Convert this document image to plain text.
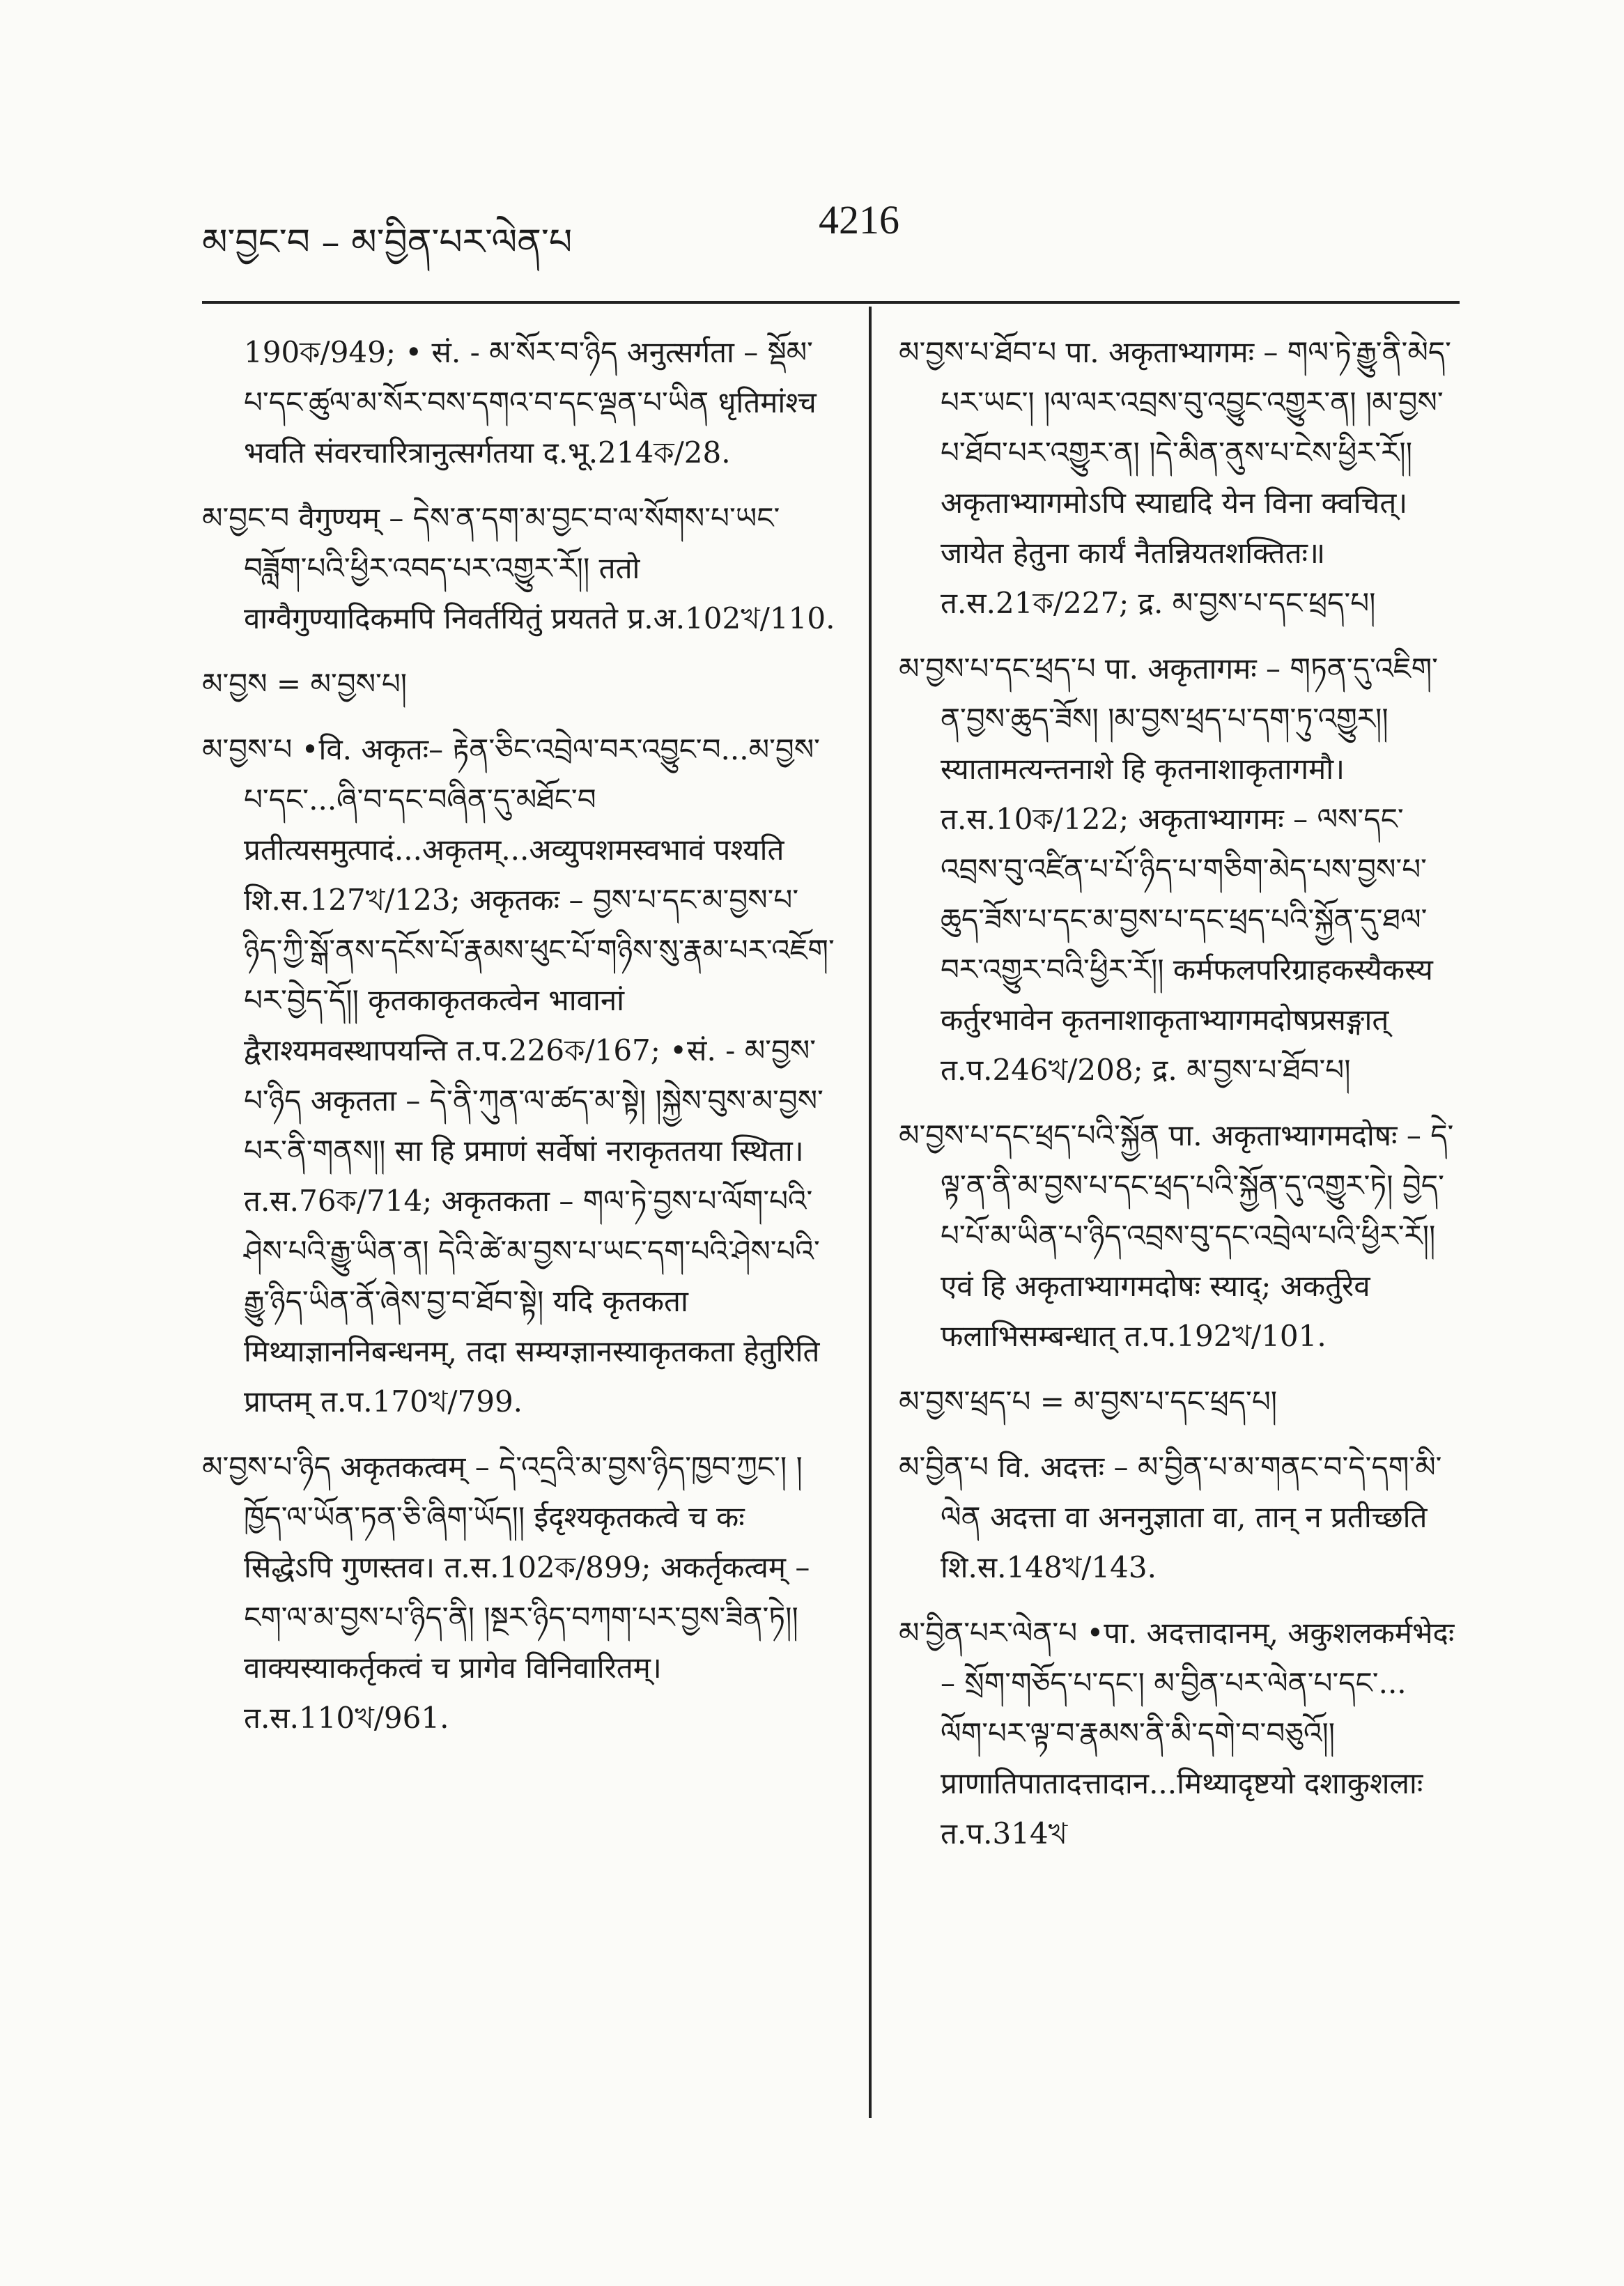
མ་བྱང་བ – མ་བྱིན་པར་ལེན་པ	4216

190ক/949; • सं. - མ་སོར་བ་ཉིད अनुत्सर्गता – སྡོམ་པ་དང་ཚུལ་མ་སོར་བས་དགའ་བ་དང་ལྡན་པ་ཡིན धृतिमांश्च भवति संवरचारित्रानुत्सर्गतया द.भू.214ক/28.

མ་བྱང་བ वैगुण्यम् – དེས་ན་དག་མ་བྱང་བ་ལ་སོགས་པ་ཡང་བཟློག་པའི་ཕྱིར་འབད་པར་འགྱུར་རོ།། ततो वाग्वैगुण्यादिकमपि निवर्तयितुं प्रयतते प्र.अ.102খ/110.

མ་བྱས = མ་བྱས་པ།

མ་བྱས་པ •वि. अकृतः– རྟེན་ཅིང་འབྲེལ་བར་འབྱུང་བ...མ་བྱས་པ་དང་...ཞི་བ་དང་བཞིན་དུ་མཐོང་བ प्रतीत्यसमुत्पादं...अकृतम्...अव्युपशमस्वभावं पश्यति शि.स.127খ/123; अकृतकः – བྱས་པ་དང་མ་བྱས་པ་ཉིད་ཀྱི་སྒོ་ནས་དངོས་པོ་རྣམས་ཕུང་པོ་གཉིས་སུ་རྣམ་པར་འཇོག་པར་བྱེད་དོ།། कृतकाकृतकत्वेन भावानां द्वैराश्यमवस्थापयन्ति त.प.226ক/167; •सं. - མ་བྱས་པ་ཉིད अकृतता – དེ་ནི་ཀུན་ལ་ཚད་མ་སྟེ། །སྐྱེས་བུས་མ་བྱས་པར་ནི་གནས།། सा हि प्रमाणं सर्वेषां नराकृततया स्थिता। त.स.76ক/714; अकृतकता – གལ་ཏེ་བྱས་པ་ལོག་པའི་ཤེས་པའི་རྒྱུ་ཡིན་ན། དེའི་ཚེ་མ་བྱས་པ་ཡང་དག་པའི་ཤེས་པའི་རྒྱུ་ཉིད་ཡིན་ནོ་ཞེས་བྱ་བ་ཐོབ་སྟེ། यदि कृतकता मिथ्याज्ञाननिबन्धनम्, तदा सम्यग्ज्ञानस्याकृतकता हेतुरिति प्राप्तम् त.प.170খ/799.

མ་བྱས་པ་ཉིད अकृतकत्वम् – དེ་འདྲའི་མ་བྱས་ཉིད་ཁྱབ་ཀྱང་། །ཁྱོད་ལ་ཡོན་ཏན་ཅི་ཞིག་ཡོད།། ईदृश्यकृतकत्वे च कः सिद्धेऽपि गुणस्तव। त.स.102ক/899; अकर्तृकत्वम् – ངག་ལ་མ་བྱས་པ་ཉིད་ནི། །སྔར་ཉིད་བཀག་པར་བྱས་ཟིན་ཏེ།། वाक्यस्याकर्तृकत्वं च प्रागेव विनिवारितम्। त.स.110খ/961.

མ་བྱས་པ་ཐོབ་པ पा. अकृताभ्यागमः – གལ་ཏེ་རྒྱུ་ནི་མེད་པར་ཡང་། །ལ་ལར་འབྲས་བུ་འབྱུང་འགྱུར་ན། །མ་བྱས་པ་ཐོབ་པར་འགྱུར་ན། །དེ་མིན་ནུས་པ་ངེས་ཕྱིར་རོ།། अकृताभ्यागमोऽपि स्याद्यदि येन विना क्वचित्। जायेत हेतुना कार्यं नैतन्नियतशक्तितः॥ त.स.21ক/227; द्र. མ་བྱས་པ་དང་ཕྲད་པ།

མ་བྱས་པ་དང་ཕྲད་པ पा. अकृतागमः – གཏན་དུ་འཇིག་ན་བྱས་ཆུད་ཟོས། །མ་བྱས་ཕྲད་པ་དག་ཏུ་འགྱུར།། स्यातामत्यन्तनाशे हि कृतनाशाकृतागमौ। त.स.10ক/122; अकृताभ्यागमः – ལས་དང་འབྲས་བུ་འཛིན་པ་པོ་ཉིད་པ་གཅིག་མེད་པས་བྱས་པ་ཆུད་ཟོས་པ་དང་མ་བྱས་པ་དང་ཕྲད་པའི་སྐྱོན་དུ་ཐལ་བར་འགྱུར་བའི་ཕྱིར་རོ།། कर्मफलपरिग्राहकस्यैकस्य कर्तुरभावेन कृतनाशाकृताभ्यागमदोषप्रसङ्गात् त.प.246খ/208; द्र. མ་བྱས་པ་ཐོབ་པ།

མ་བྱས་པ་དང་ཕྲད་པའི་སྐྱོན पा. अकृताभ्यागमदोषः – དེ་ལྟ་ན་ནི་མ་བྱས་པ་དང་ཕྲད་པའི་སྐྱོན་དུ་འགྱུར་ཏེ། བྱེད་པ་པོ་མ་ཡིན་པ་ཉིད་འབྲས་བུ་དང་འབྲེལ་པའི་ཕྱིར་རོ།། एवं हि अकृताभ्यागमदोषः स्याद्; अकर्तुरेव फलाभिसम्बन्धात् त.प.192খ/101.

མ་བྱས་ཕྲད་པ = མ་བྱས་པ་དང་ཕྲད་པ།

མ་བྱིན་པ वि. अदत्तः – མ་བྱིན་པ་མ་གནང་བ་དེ་དག་མི་ལེན अदत्ता वा अननुज्ञाता वा, तान् न प्रतीच्छति शि.स.148খ/143.

མ་བྱིན་པར་ལེན་པ •पा. अदत्तादानम्, अकुशलकर्मभेदः – སྲོག་གཅོད་པ་དང་། མ་བྱིན་པར་ལེན་པ་དང་... ལོག་པར་ལྟ་བ་རྣམས་ནི་མི་དགེ་བ་བཅུའོ།། प्राणातिपातादत्तादान...मिथ्यादृष्टयो दशाकुशलाः त.प.314খ
